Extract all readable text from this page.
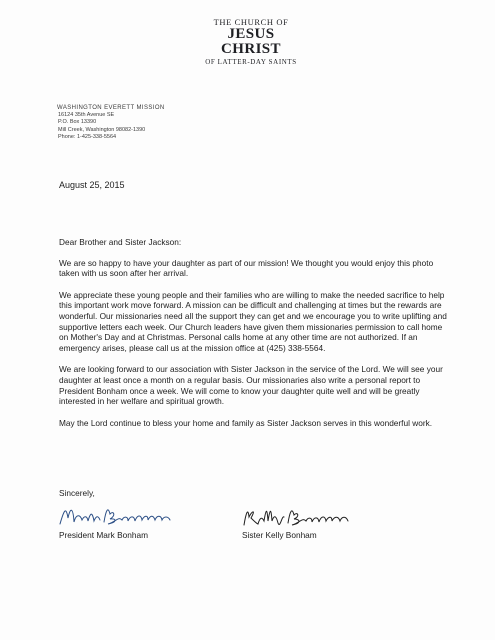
THE CHURCH OF
JESUS CHRIST
OF LATTER-DAY SAINTS
WASHINGTON EVERETT MISSION
16124 35th Avenue SE
P.O. Box 13390
Mill Creek, Washington 98082-1390
Phone: 1-425-338-5564
August 25, 2015

Dear Brother and Sister Jackson:

We are so happy to have your daughter as part of our mission! We thought you would enjoy this photo taken with us soon after her arrival.

We appreciate these young people and their families who are willing to make the needed sacrifice to help this important work move forward. A mission can be difficult and challenging at times but the rewards are wonderful. Our missionaries need all the support they can get and we encourage you to write uplifting and supportive letters each week. Our Church leaders have given them missionaries permission to call home on Mother's Day and at Christmas. Personal calls home at any other time are not authorized. If an emergency arises, please call us at the mission office at (425) 338-5564.

We are looking forward to our association with Sister Jackson in the service of the Lord. We will see your daughter at least once a month on a regular basis. Our missionaries also write a personal report to President Bonham once a week. We will come to know your daughter quite well and will be greatly interested in her welfare and spiritual growth.

May the Lord continue to bless your home and family as Sister Jackson serves in this wonderful work.

Sincerely,
President Mark Bonham	Sister Kelly Bonham
